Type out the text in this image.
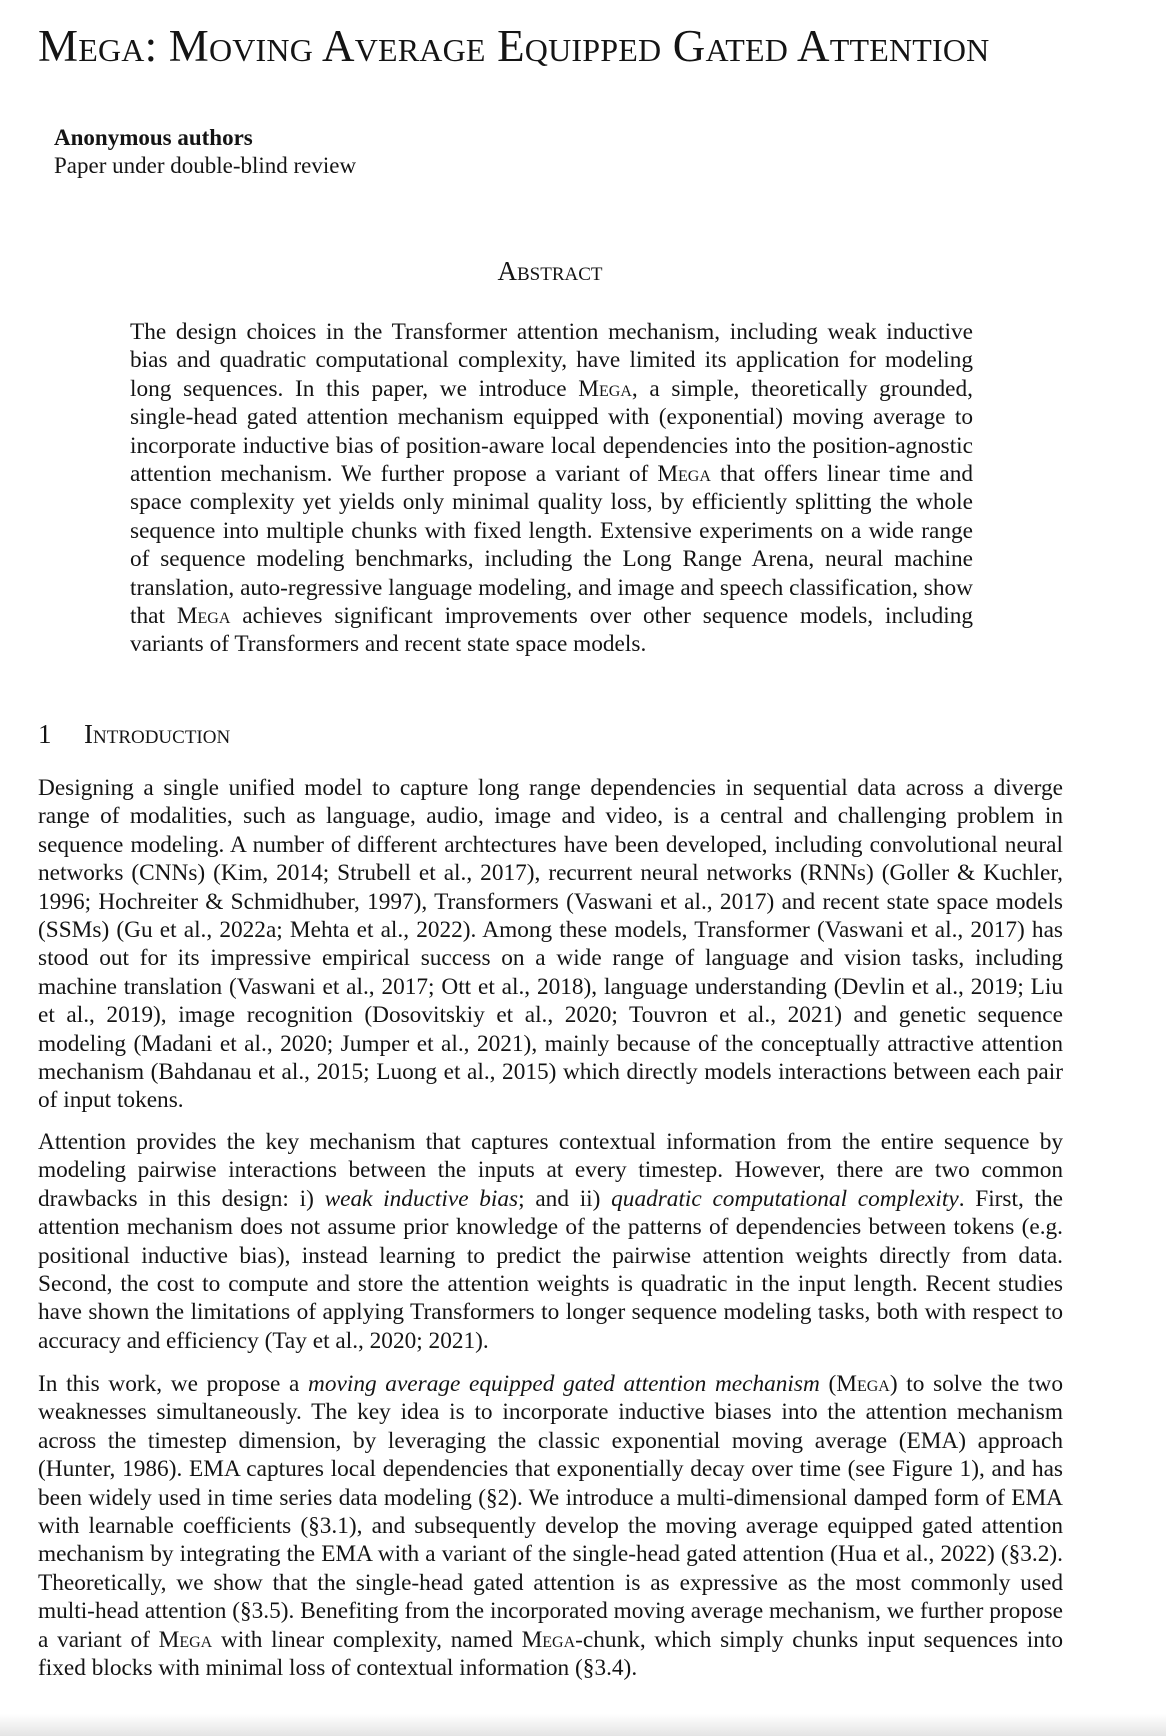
Mega: Moving Average Equipped Gated Attention
Anonymous authors
Paper under double-blind review
Abstract

The design choices in the Transformer attention mechanism, including weak inductive bias and quadratic computational complexity, have limited its application for modeling long sequences. In this paper, we introduce Mega, a simple, theoretically grounded, single-head gated attention mechanism equipped with (exponential) moving average to incorporate inductive bias of position-aware local dependencies into the position-agnostic attention mechanism. We further propose a variant of Mega that offers linear time and space complexity yet yields only minimal quality loss, by efficiently splitting the whole sequence into multiple chunks with fixed length. Extensive experiments on a wide range of sequence modeling benchmarks, including the Long Range Arena, neural machine translation, auto-regressive language modeling, and image and speech classification, show that Mega achieves significant improvements over other sequence models, including variants of Transformers and recent state space models.

1 Introduction

Designing a single unified model to capture long range dependencies in sequential data across a diverge range of modalities, such as language, audio, image and video, is a central and challenging problem in sequence modeling. A number of different archtectures have been developed, including convolutional neural networks (CNNs) (Kim, 2014; Strubell et al., 2017), recurrent neural networks (RNNs) (Goller & Kuchler, 1996; Hochreiter & Schmidhuber, 1997), Transformers (Vaswani et al., 2017) and recent state space models (SSMs) (Gu et al., 2022a; Mehta et al., 2022). Among these models, Transformer (Vaswani et al., 2017) has stood out for its impressive empirical success on a wide range of language and vision tasks, including machine translation (Vaswani et al., 2017; Ott et al., 2018), language understanding (Devlin et al., 2019; Liu et al., 2019), image recognition (Dosovitskiy et al., 2020; Touvron et al., 2021) and genetic sequence modeling (Madani et al., 2020; Jumper et al., 2021), mainly because of the conceptually attractive attention mechanism (Bahdanau et al., 2015; Luong et al., 2015) which directly models interactions between each pair of input tokens.

Attention provides the key mechanism that captures contextual information from the entire sequence by modeling pairwise interactions between the inputs at every timestep. However, there are two common drawbacks in this design: i) weak inductive bias; and ii) quadratic computational complexity. First, the attention mechanism does not assume prior knowledge of the patterns of dependencies between tokens (e.g. positional inductive bias), instead learning to predict the pairwise attention weights directly from data. Second, the cost to compute and store the attention weights is quadratic in the input length. Recent studies have shown the limitations of applying Transformers to longer sequence modeling tasks, both with respect to accuracy and efficiency (Tay et al., 2020; 2021).

In this work, we propose a moving average equipped gated attention mechanism (Mega) to solve the two weaknesses simultaneously. The key idea is to incorporate inductive biases into the attention mechanism across the timestep dimension, by leveraging the classic exponential moving average (EMA) approach (Hunter, 1986). EMA captures local dependencies that exponentially decay over time (see Figure 1), and has been widely used in time series data modeling (§2). We introduce a multi-dimensional damped form of EMA with learnable coefficients (§3.1), and subsequently develop the moving average equipped gated attention mechanism by integrating the EMA with a variant of the single-head gated attention (Hua et al., 2022) (§3.2). Theoretically, we show that the single-head gated attention is as expressive as the most commonly used multi-head attention (§3.5). Benefiting from the incorporated moving average mechanism, we further propose a variant of Mega with linear complexity, named Mega-chunk, which simply chunks input sequences into fixed blocks with minimal loss of contextual information (§3.4).
